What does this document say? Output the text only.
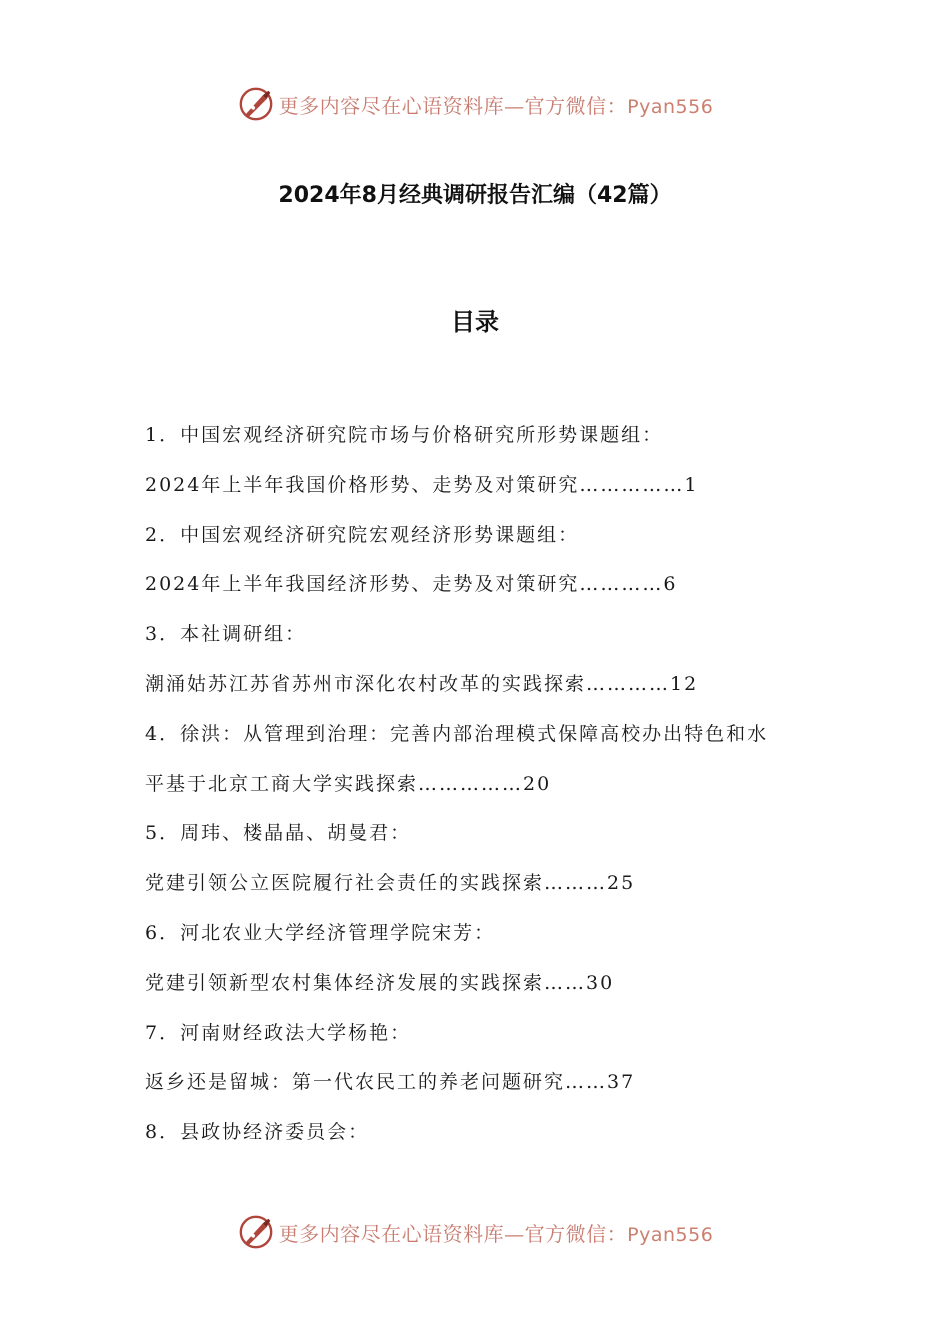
更多内容尽在心语资料库—官方微信：Pyan556
2024年8月经典调研报告汇编（42篇）
目录
1．中国宏观经济研究院市场与价格研究所形势课题组：
2024年上半年我国价格形势、走势及对策研究……………1
2．中国宏观经济研究院宏观经济形势课题组：
2024年上半年我国经济形势、走势及对策研究…………6
3．本社调研组：
潮涌姑苏江苏省苏州市深化农村改革的实践探索…………12
4．徐洪：从管理到治理：完善内部治理模式保障高校办出特色和水
平基于北京工商大学实践探索……………20
5．周玮、楼晶晶、胡曼君：
党建引领公立医院履行社会责任的实践探索………25
6．河北农业大学经济管理学院宋芳：
党建引领新型农村集体经济发展的实践探索……30
7．河南财经政法大学杨艳：
返乡还是留城：第一代农民工的养老问题研究……37
8．县政协经济委员会：
更多内容尽在心语资料库—官方微信：Pyan556
